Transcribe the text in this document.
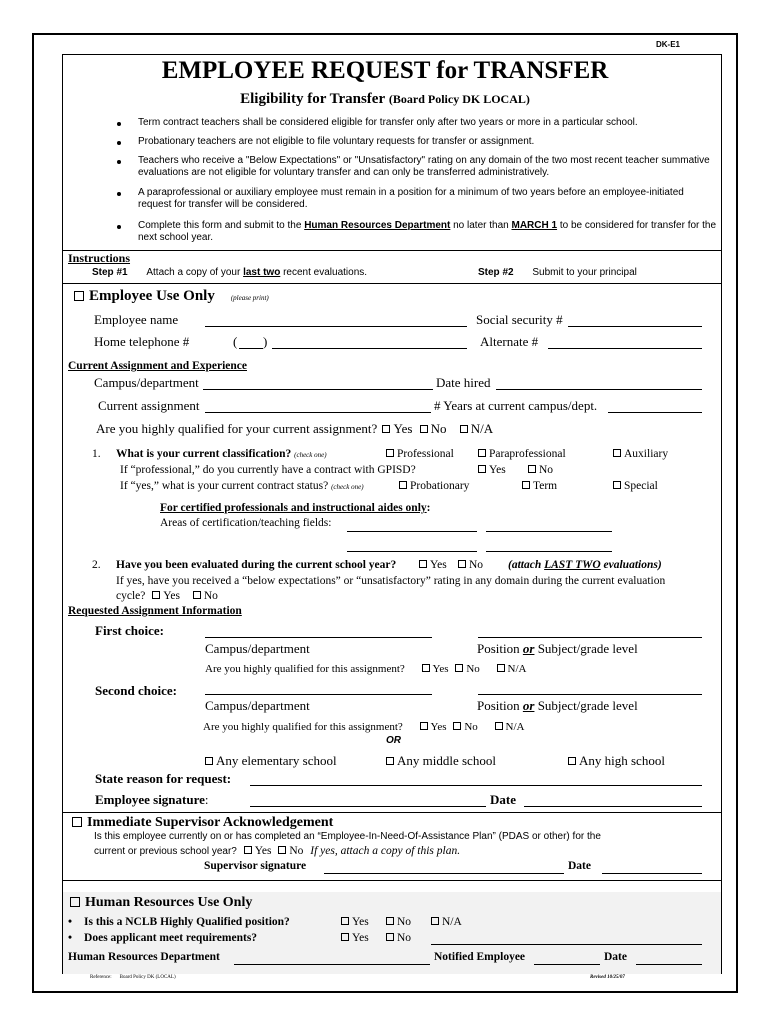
DK-E1
EMPLOYEE REQUEST for TRANSFER
Eligibility for Transfer (Board Policy DK LOCAL)
Term contract teachers shall be considered eligible for transfer only after two years or more in a particular school.
Probationary teachers are not eligible to file voluntary requests for transfer or assignment.
Teachers who receive a "Below Expectations" or "Unsatisfactory" rating on any domain of the two most recent teacher summative evaluations are not eligible for voluntary transfer and can only be transferred administratively.
A paraprofessional or auxiliary employee must remain in a position for a minimum of two years before an employee-initiated request for transfer will be considered.
Complete this form and submit to the Human Resources Department no later than MARCH 1 to be considered for transfer for the next school year.
Instructions
Step #1 Attach a copy of your last two recent evaluations.	Step #2 Submit to your principal
Employee Use Only (please print)
Employee name	Social security #
Home telephone #	( )	Alternate #
Current Assignment and Experience
Campus/department	Date hired
Current assignment	# Years at current campus/dept.
Are you highly qualified for your current assignment? Yes No N/A
1. What is your current classification? (check one)	Professional	Paraprofessional	Auxiliary
If “professional,” do you currently have a contract with GPISD?	Yes	No
If “yes,” what is your current contract status? (check one)	Probationary	Term	Special
For certified professionals and instructional aides only:
Areas of certification/teaching fields:
2. Have you been evaluated during the current school year?	Yes	No (attach LAST TWO evaluations)
If yes, have you received a “below expectations” or “unsatisfactory” rating in any domain during the current evaluation
cycle? Yes No
Requested Assignment Information
First choice:
Campus/department	Position or Subject/grade level
Are you highly qualified for this assignment?	Yes No	N/A
Second choice:
Campus/department	Position or Subject/grade level
Are you highly qualified for this assignment?	Yes No	N/A
OR
Any elementary school	Any middle school	Any high school
State reason for request:
Employee signature:	Date
Immediate Supervisor Acknowledgement
Is this employee currently on or has completed an “Employee-In-Need-Of-Assistance Plan” (PDAS or other) for the
current or previous school year? Yes No If yes, attach a copy of this plan.
Supervisor signature	Date
Human Resources Use Only
• Is this a NCLB Highly Qualified position?	Yes	No	N/A
• Does applicant meet requirements?	Yes	No
Human Resources Department	Notified Employee	Date
Reference: Board Policy DK (LOCAL)	Revised 10/25/07
